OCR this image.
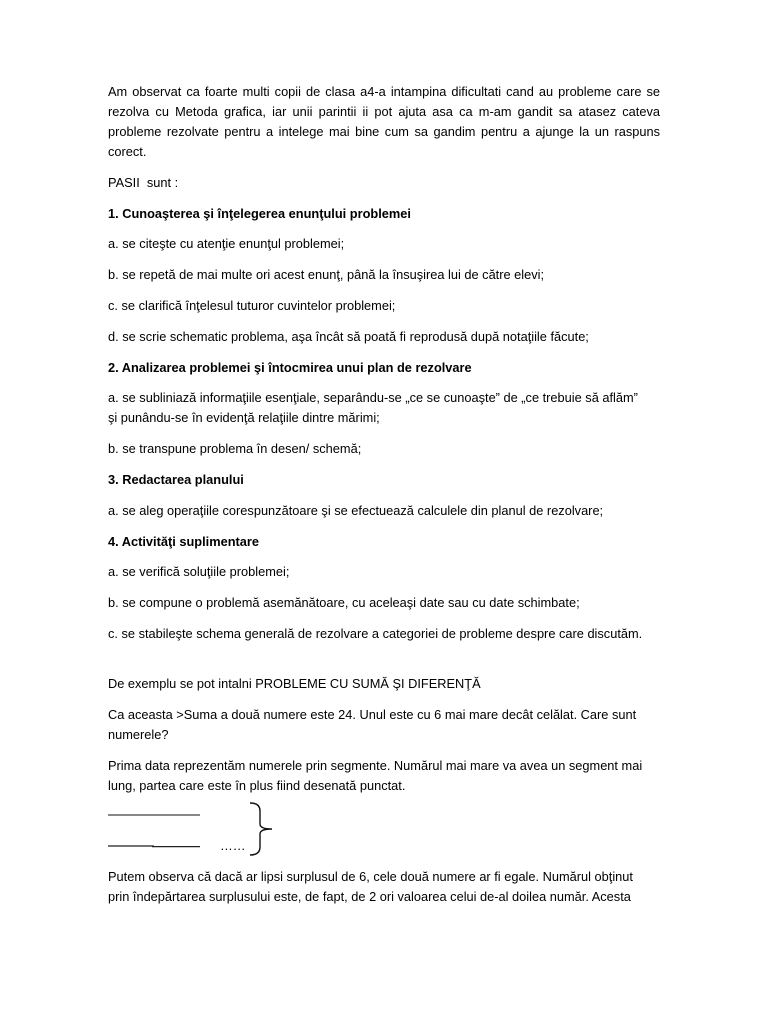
Am observat ca foarte multi copii de clasa a4-a intampina dificultati cand au probleme care se
rezolva cu Metoda grafica, iar unii parintii ii pot ajuta asa ca m-am gandit sa atasez cateva
probleme rezolvate pentru a intelege mai bine cum sa gandim pentru a ajunge la un raspuns
corect.
PASII  sunt :
1. Cunoaşterea şi înţelegerea enunţului problemei
a. se citeşte cu atenţie enunţul problemei;
b. se repetă de mai multe ori acest enunţ, până la însuşirea lui de către elevi;
c. se clarifică înţelesul tuturor cuvintelor problemei;
d. se scrie schematic problema, aşa încât să poată fi reprodusă după notaţiile făcute;
2. Analizarea problemei şi întocmirea unui plan de rezolvare
a. se subliniază informaţiile esenţiale, separându-se „ce se cunoaşte” de „ce trebuie să aflăm”
şi punându-se în evidenţă relaţiile dintre mărimi;
b. se transpune problema în desen/ schemă;
3. Redactarea planului
a. se aleg operaţiile corespunzătoare şi se efectuează calculele din planul de rezolvare;
4. Activităţi suplimentare
a. se verifică soluţiile problemei;
b. se compune o problemă asemănătoare, cu aceleaşi date sau cu date schimbate;
c. se stabileşte schema generală de rezolvare a categoriei de probleme despre care discutăm.
De exemplu se pot intalni PROBLEME CU SUMĂ ŞI DIFERENŢĂ
Ca aceasta >Suma a două numere este 24. Unul este cu 6 mai mare decât celălat. Care sunt
numerele?
Prima data reprezentăm numerele prin segmente. Numărul mai mare va avea un segment mai
lung, partea care este în plus fiind desenată punctat.
……
Putem observa că dacă ar lipsi surplusul de 6, cele două numere ar fi egale. Numărul obţinut
prin îndepărtarea surplusului este, de fapt, de 2 ori valoarea celui de-al doilea număr. Acesta
